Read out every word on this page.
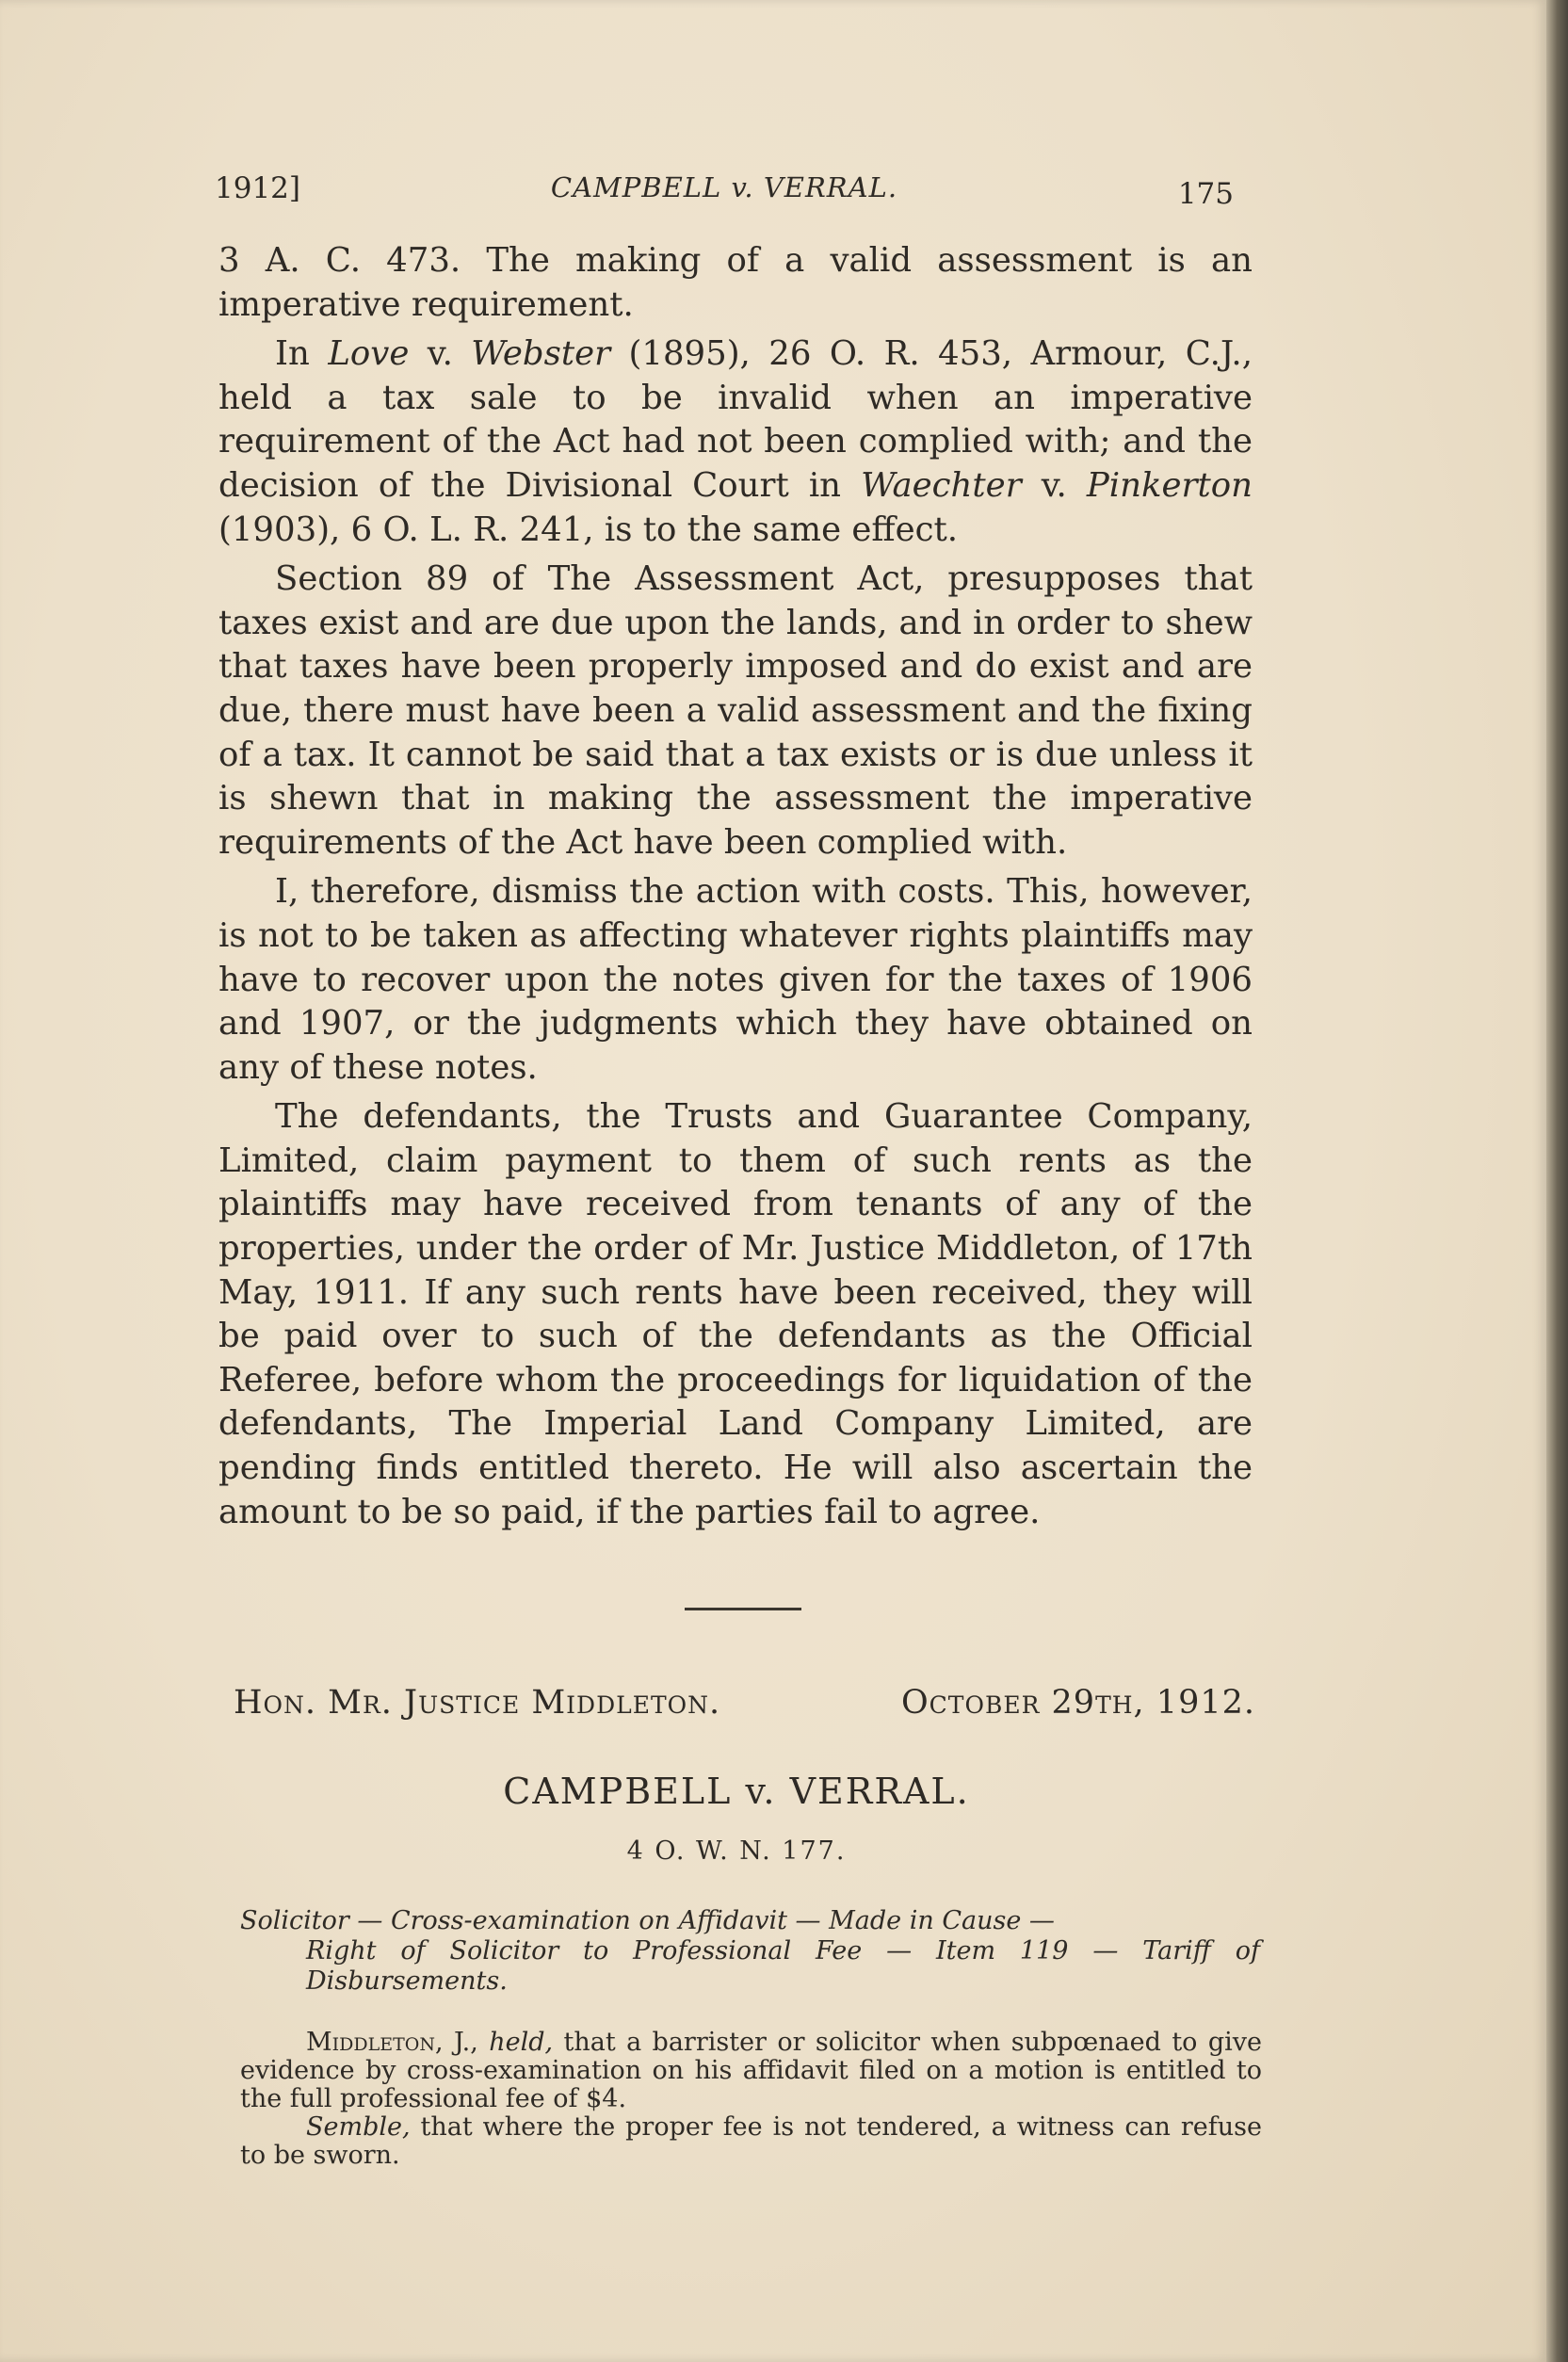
1912]	CAMPBELL v. VERRAL.	175

3 A. C. 473. The making of a valid assessment is an imperative requirement.

In Love v. Webster (1895), 26 O. R. 453, Armour, C.J., held a tax sale to be invalid when an imperative requirement of the Act had not been complied with; and the decision of the Divisional Court in Waechter v. Pinkerton (1903), 6 O. L. R. 241, is to the same effect.

Section 89 of The Assessment Act, presupposes that taxes exist and are due upon the lands, and in order to shew that taxes have been properly imposed and do exist and are due, there must have been a valid assessment and the fixing of a tax. It cannot be said that a tax exists or is due unless it is shewn that in making the assessment the imperative requirements of the Act have been complied with.

I, therefore, dismiss the action with costs. This, however, is not to be taken as affecting whatever rights plaintiffs may have to recover upon the notes given for the taxes of 1906 and 1907, or the judgments which they have obtained on any of these notes.

The defendants, the Trusts and Guarantee Company, Limited, claim payment to them of such rents as the plaintiffs may have received from tenants of any of the properties, under the order of Mr. Justice Middleton, of 17th May, 1911. If any such rents have been received, they will be paid over to such of the defendants as the Official Referee, before whom the proceedings for liquidation of the defendants, The Imperial Land Company Limited, are pending finds entitled thereto. He will also ascertain the amount to be so paid, if the parties fail to agree.

Hon. Mr. Justice Middleton.	October 29th, 1912.
CAMPBELL v. VERRAL.
4 O. W. N. 177.
Solicitor — Cross-examination on Affidavit — Made in Cause —
Right of Solicitor to Professional Fee — Item 119 — Tariff of Disbursements.

Middleton, J., held, that a barrister or solicitor when subpœnaed to give evidence by cross-examination on his affidavit filed on a motion is entitled to the full professional fee of $4.

Semble, that where the proper fee is not tendered, a witness can refuse to be sworn.
